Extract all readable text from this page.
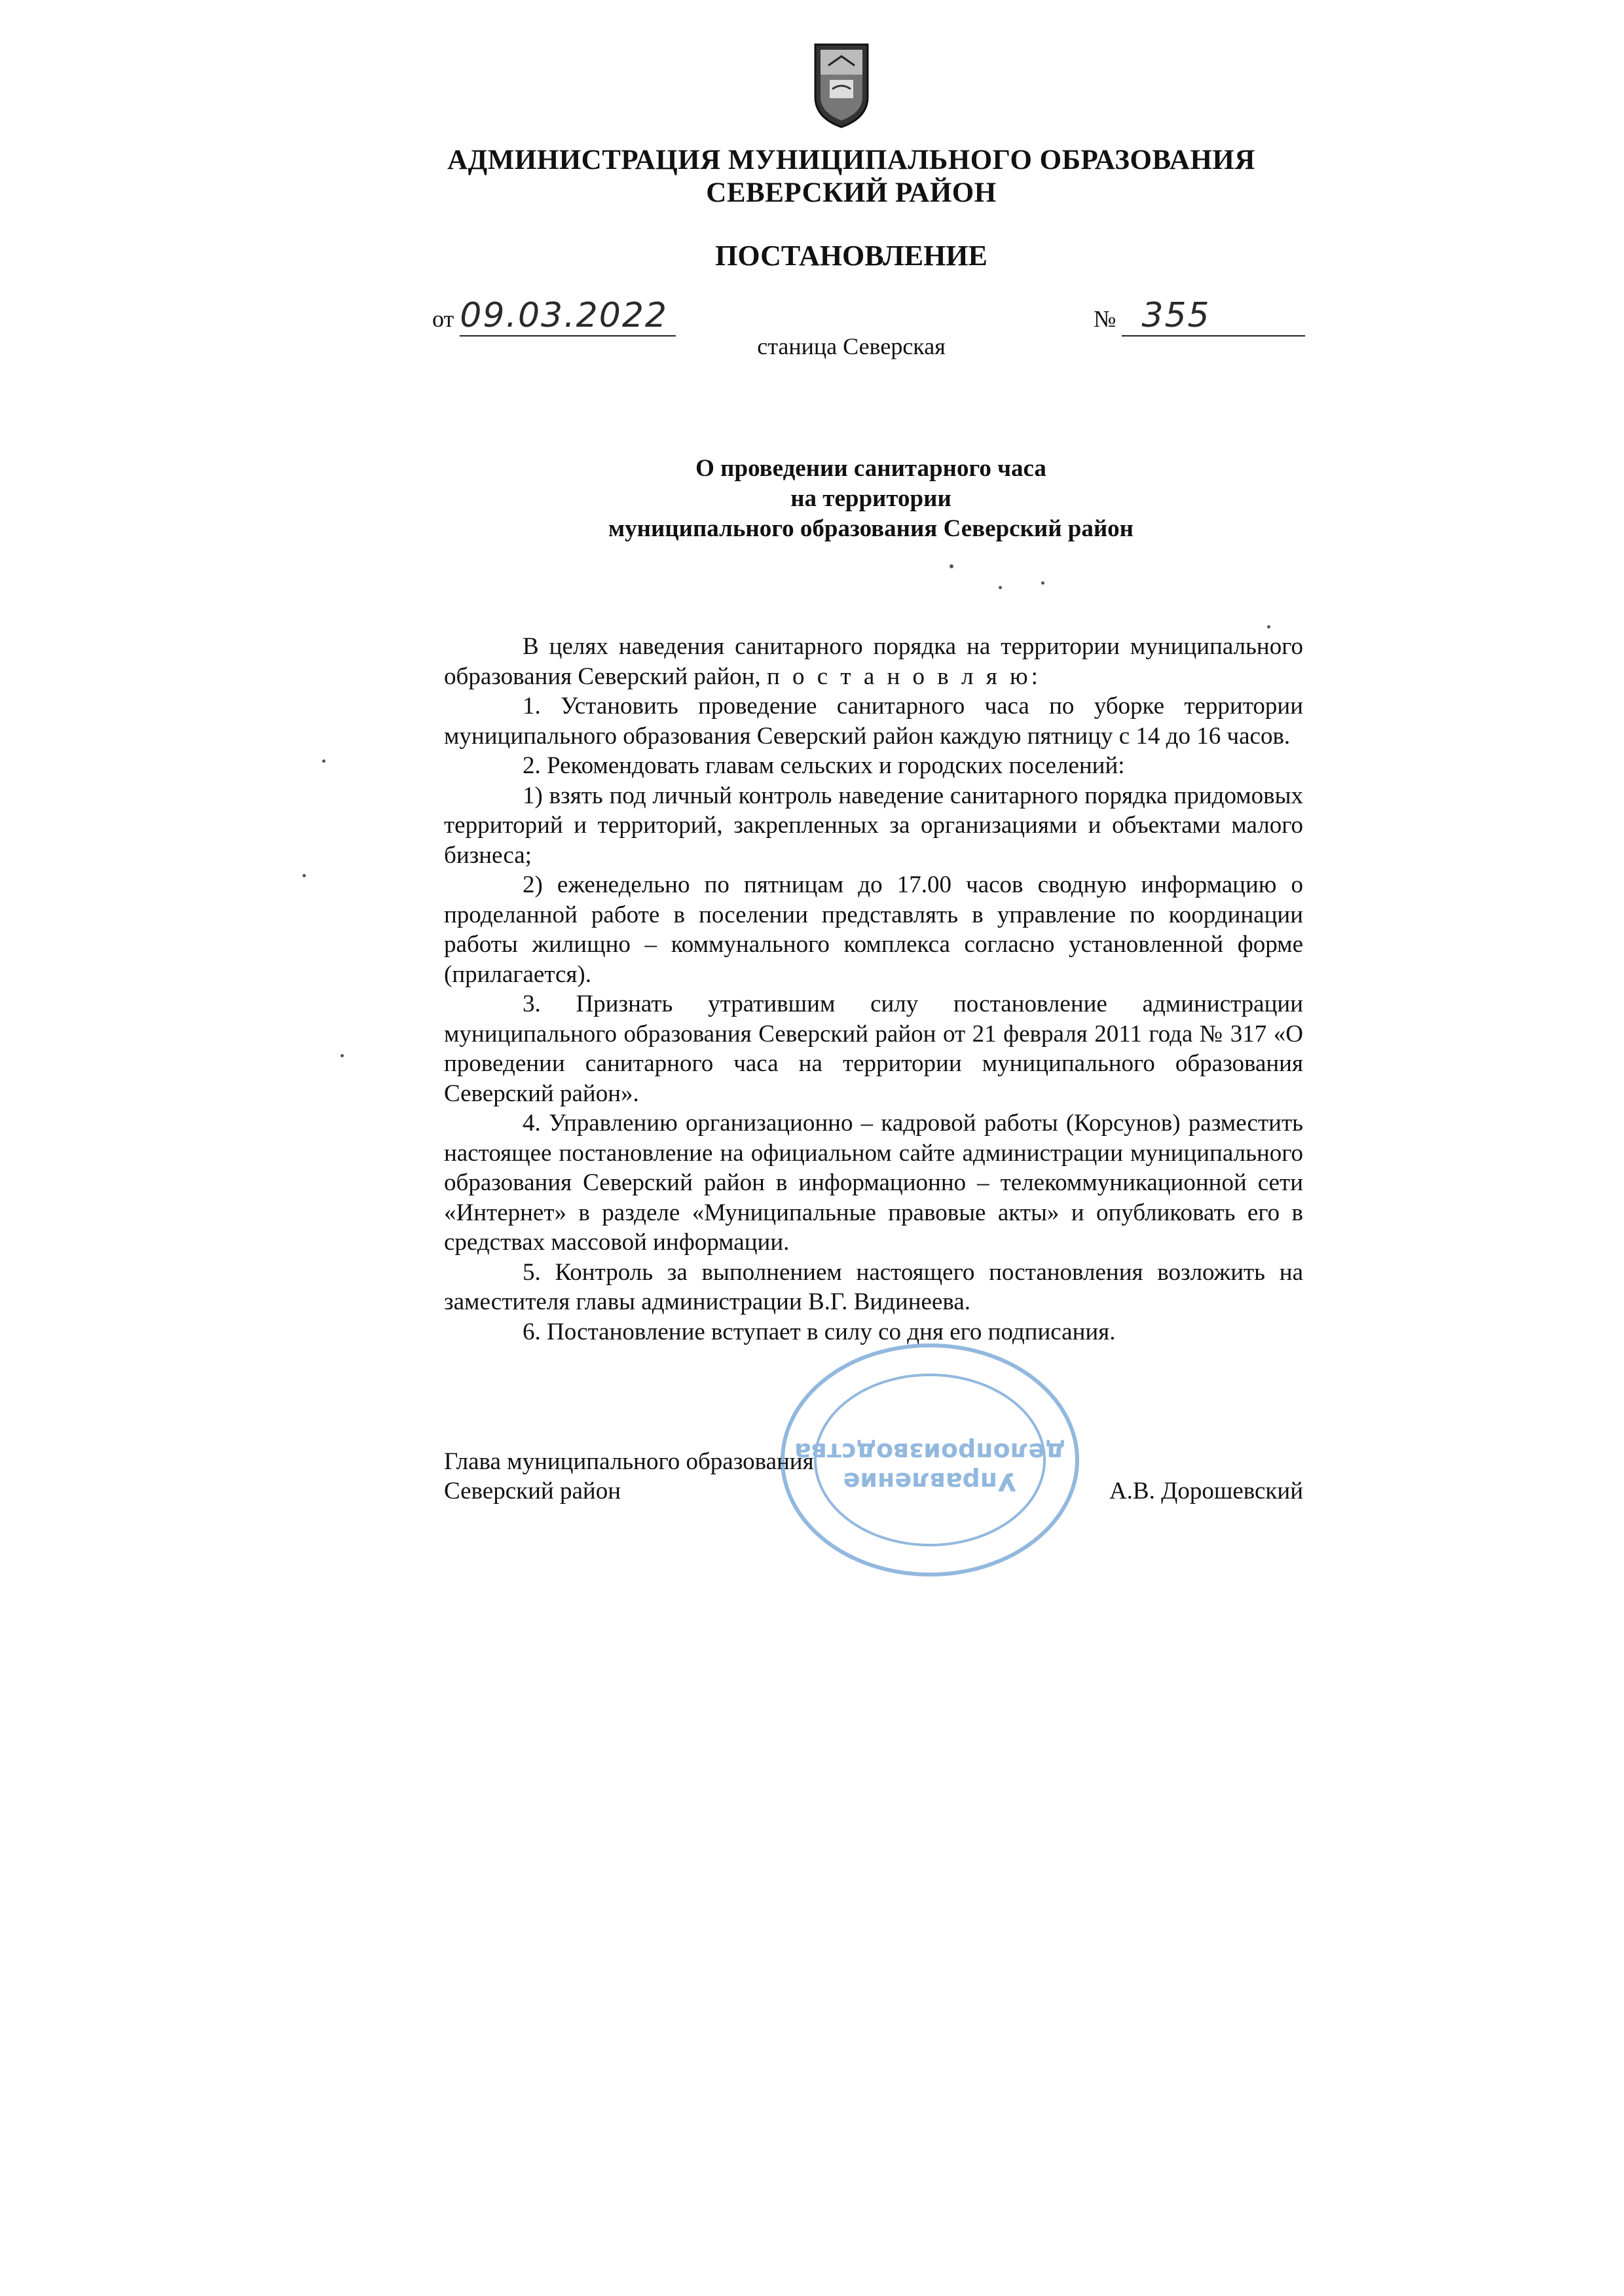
АДМИНИСТРАЦИЯ МУНИЦИПАЛЬНОГО ОБРАЗОВАНИЯ
СЕВЕРСКИЙ РАЙОН
ПОСТАНОВЛЕНИЕ
от 09.03.2022	№ 355
станица Северская
О проведении санитарного часа
на территории
муниципального образования Северский район

В целях наведения санитарного порядка на территории муниципального образования Северский район, п о с т а н о в л я ю:

1. Установить проведение санитарного часа по уборке территории муниципального образования Северский район каждую пятницу с 14 до 16 часов.

2. Рекомендовать главам сельских и городских поселений:

1) взять под личный контроль наведение санитарного порядка придомовых территорий и территорий, закрепленных за организациями и объектами малого бизнеса;

2) еженедельно по пятницам до 17.00 часов сводную информацию о проделанной работе в поселении представлять в управление по координации работы жилищно – коммунального комплекса согласно установленной форме (прилагается).

3. Признать утратившим силу постановление администрации муниципального образования Северский район от 21 февраля 2011 года № 317 «О проведении санитарного часа на территории муниципального образования Северский район».

4. Управлению организационно – кадровой работы (Корсунов) разместить настоящее постановление на официальном сайте администрации муниципального образования Северский район в информационно – телекоммуникационной сети «Интернет» в разделе «Муниципальные правовые акты» и опубликовать его в средствах массовой информации.

5. Контроль за выполнением настоящего постановления возложить на заместителя главы администрации В.Г. Видинеева.

6. Постановление вступает в силу со дня его подписания.

Управление
делопроизводства
Глава муниципального образования
Северский район	А.В. Дорошевский
